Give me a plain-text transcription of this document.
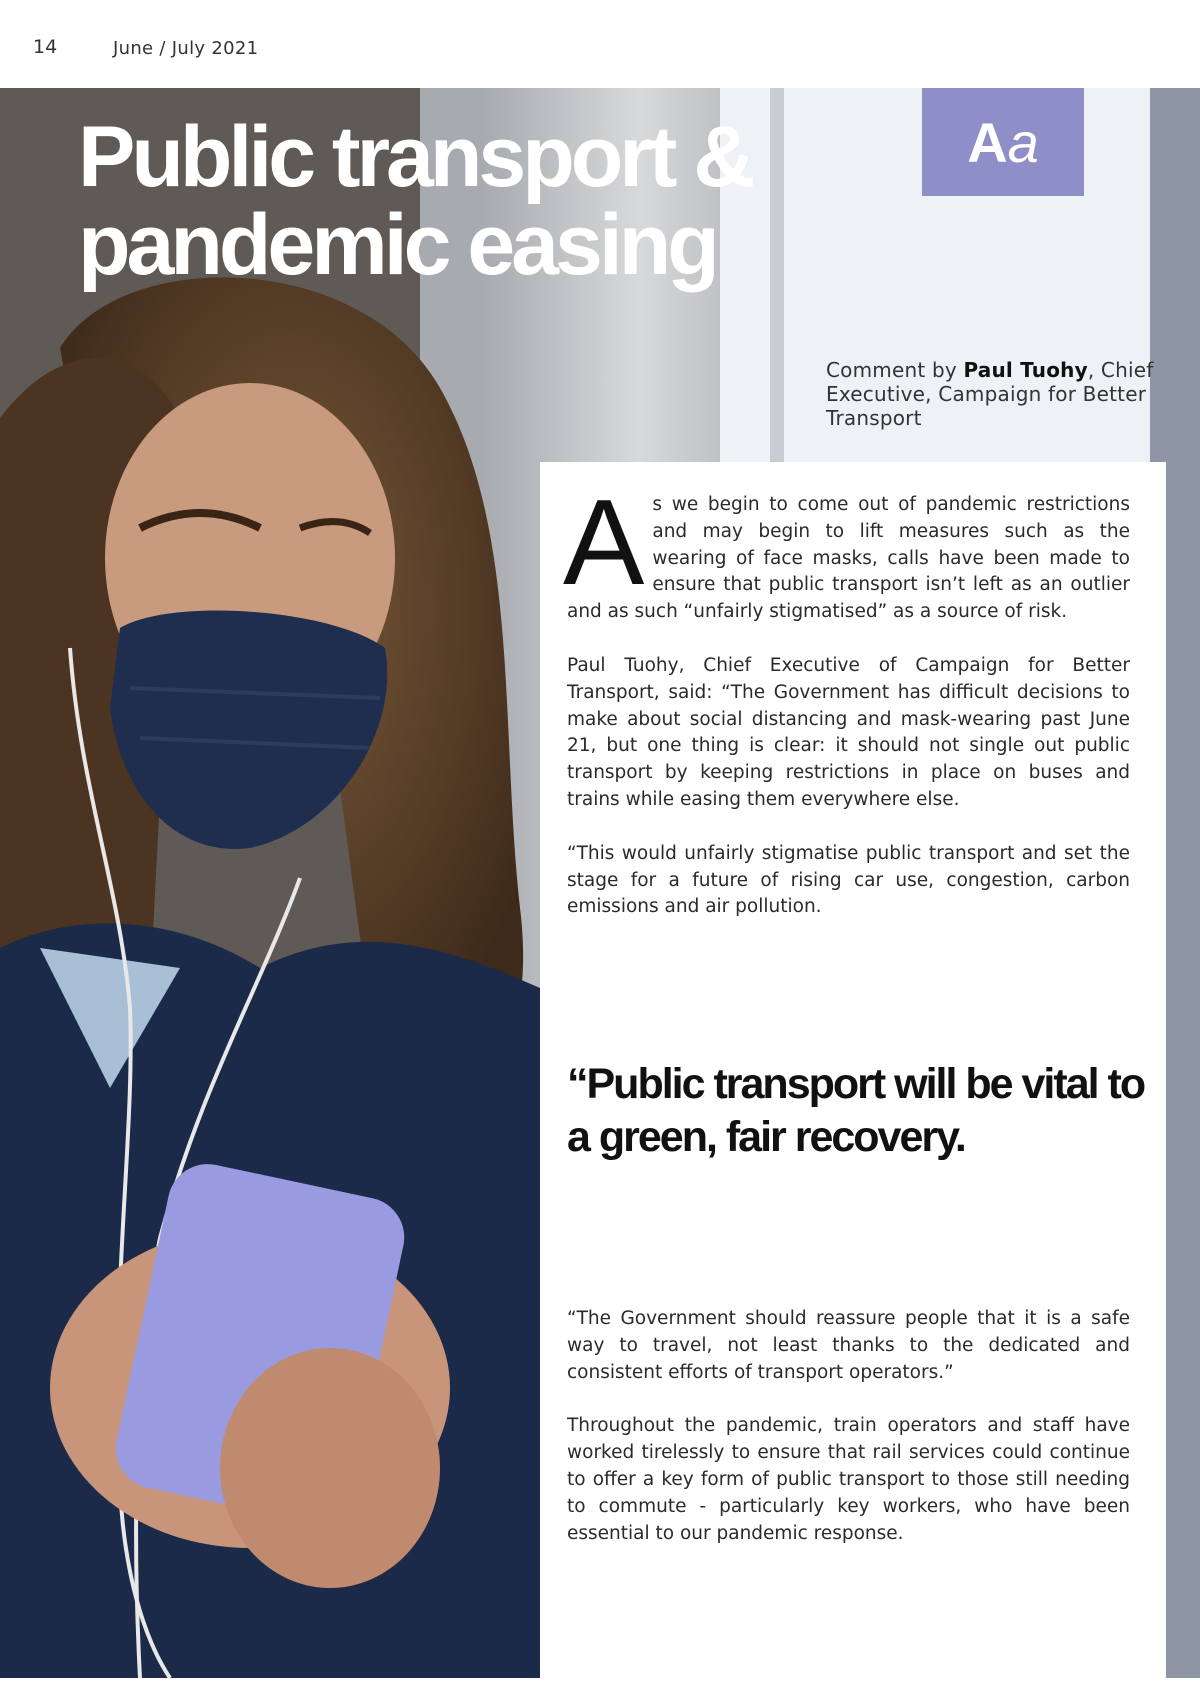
14	June / July 2021
Public transport & pandemic easing
A a
Comment by Paul Tuohy, Chief Executive, Campaign for Better Transport

As we begin to come out of pandemic restrictions and may begin to lift measures such as the wearing of face masks, calls have been made to ensure that public transport isn’t left as an outlier and as such “unfairly stigmatised” as a source of risk.

Paul Tuohy, Chief Executive of Campaign for Better Transport, said: “The Government has difficult decisions to make about social distancing and mask-wearing past June 21, but one thing is clear: it should not single out public transport by keeping restrictions in place on buses and trains while easing them everywhere else.

“This would unfairly stigmatise public transport and set the stage for a future of rising car use, congestion, carbon emissions and air pollution.

“Public transport will be vital to a green, fair recovery.

“The Government should reassure people that it is a safe way to travel, not least thanks to the dedicated and consistent efforts of transport operators.”

Throughout the pandemic, train operators and staff have worked tirelessly to ensure that rail services could continue to offer a key form of public transport to those still needing to commute - particularly key workers, who have been essential to our pandemic response.
